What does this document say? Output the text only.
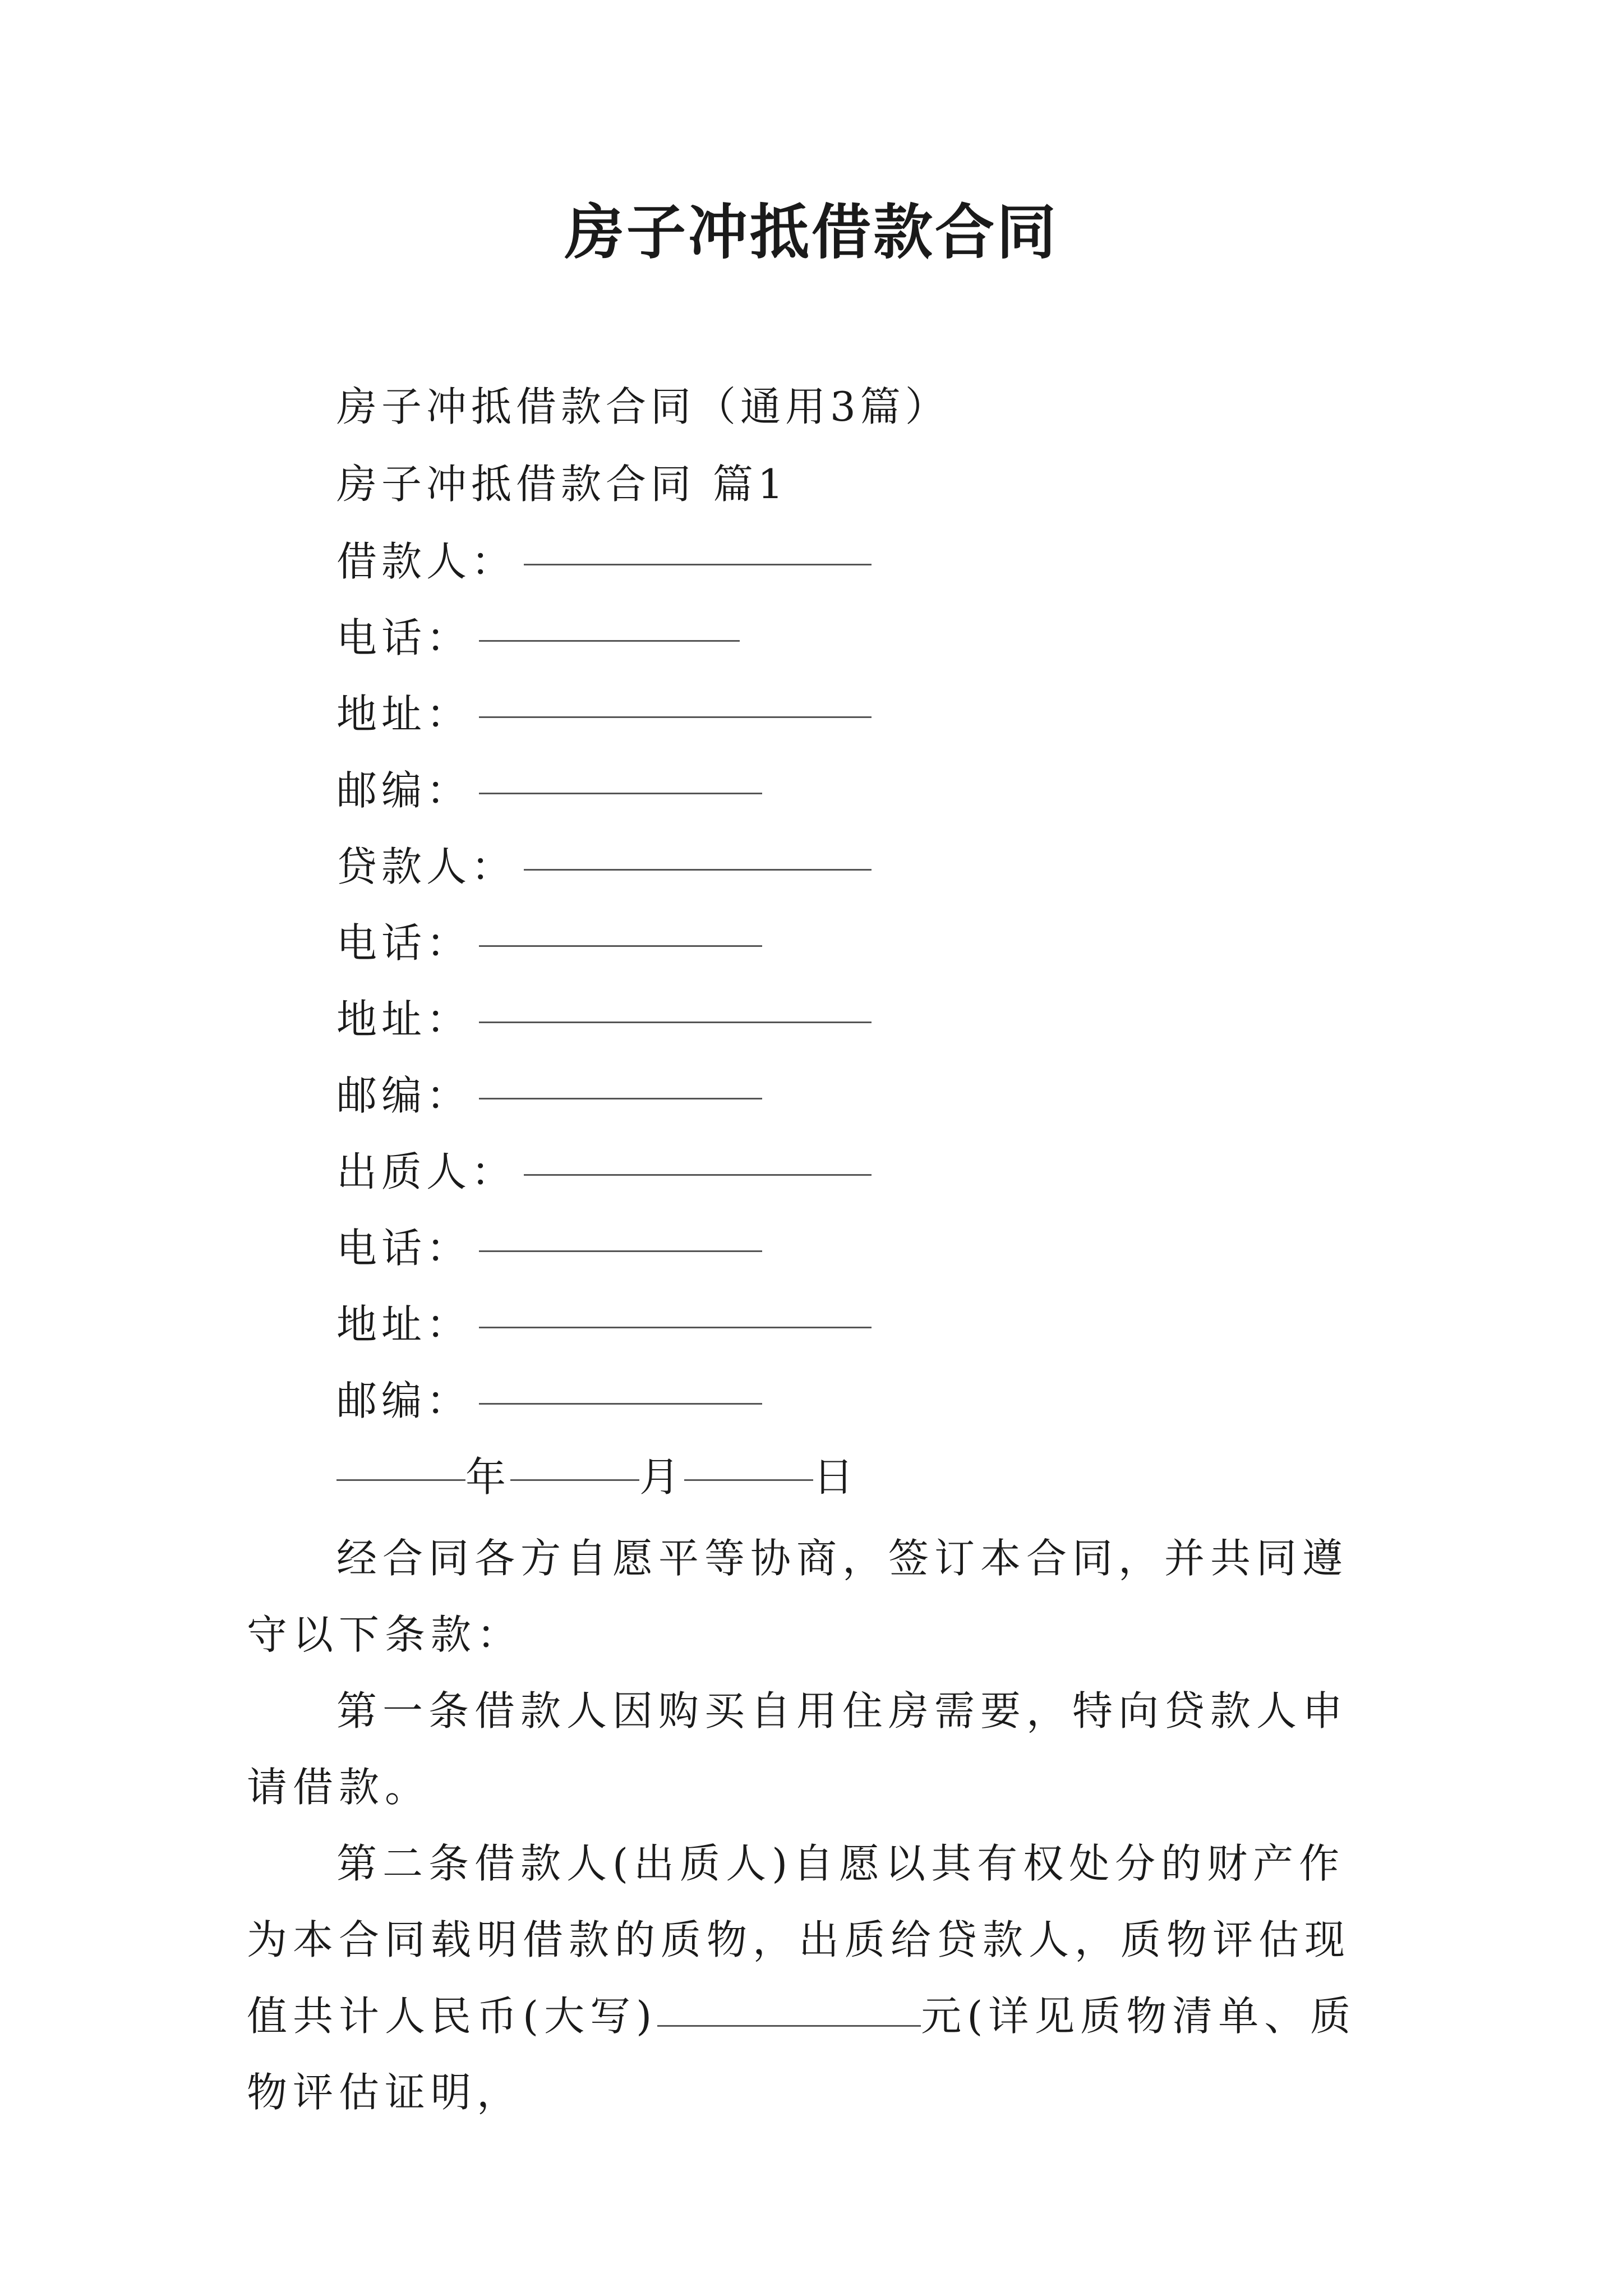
房子冲抵借款合同
房子冲抵借款合同（通用3篇）
房子冲抵借款合同 篇1
借款人：
电话：
地址：
邮编：
贷款人：
电话：
地址：
邮编：
出质人：
电话：
地址：
邮编：
年	月	日

经合同各方自愿平等协商，签订本合同，并共同遵守以下条款：

第一条借款人因购买自用住房需要，特向贷款人申请借款。

第二条借款人(出质人)自愿以其有权处分的财产作为本合同载明借款的质物，出质给贷款人，质物评估现值共计人民币(大写)	元(详见质物清单、质物评估证明，
